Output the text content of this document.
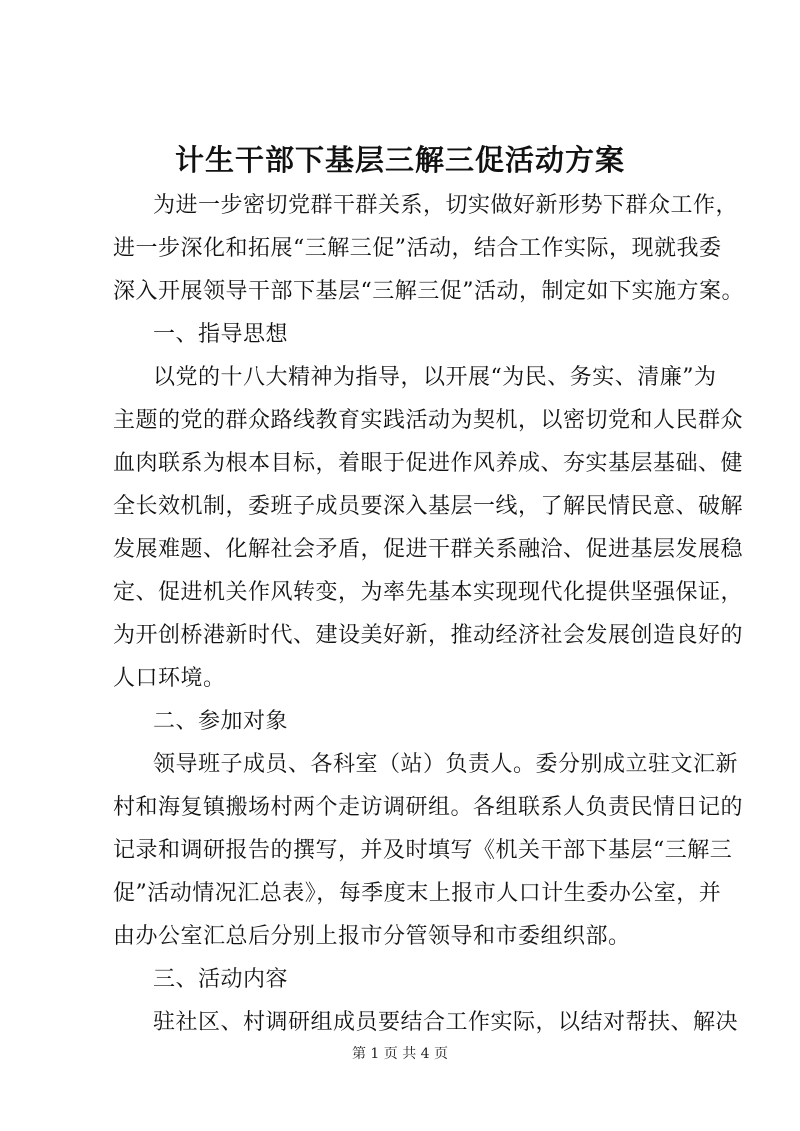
计生干部下基层三解三促活动方案
为进一步密切党群干群关系，切实做好新形势下群众工作，
进一步深化和拓展“三解三促”活动，结合工作实际，现就我委
深入开展领导干部下基层“三解三促”活动，制定如下实施方案。
一、指导思想
以党的十八大精神为指导，以开展“为民、务实、清廉”为
主题的党的群众路线教育实践活动为契机，以密切党和人民群众
血肉联系为根本目标，着眼于促进作风养成、夯实基层基础、健
全长效机制，委班子成员要深入基层一线，了解民情民意、破解
发展难题、化解社会矛盾，促进干群关系融洽、促进基层发展稳
定、促进机关作风转变，为率先基本实现现代化提供坚强保证，
为开创桥港新时代、建设美好新，推动经济社会发展创造良好的
人口环境。
二、参加对象
领导班子成员、各科室（站）负责人。委分别成立驻文汇新
村和海复镇搬场村两个走访调研组。各组联系人负责民情日记的
记录和调研报告的撰写，并及时填写《机关干部下基层“三解三
促”活动情况汇总表》，每季度末上报市人口计生委办公室，并
由办公室汇总后分别上报市分管领导和市委组织部。
三、活动内容
驻社区、村调研组成员要结合工作实际，以结对帮扶、解决
第 1 页 共 4 页
